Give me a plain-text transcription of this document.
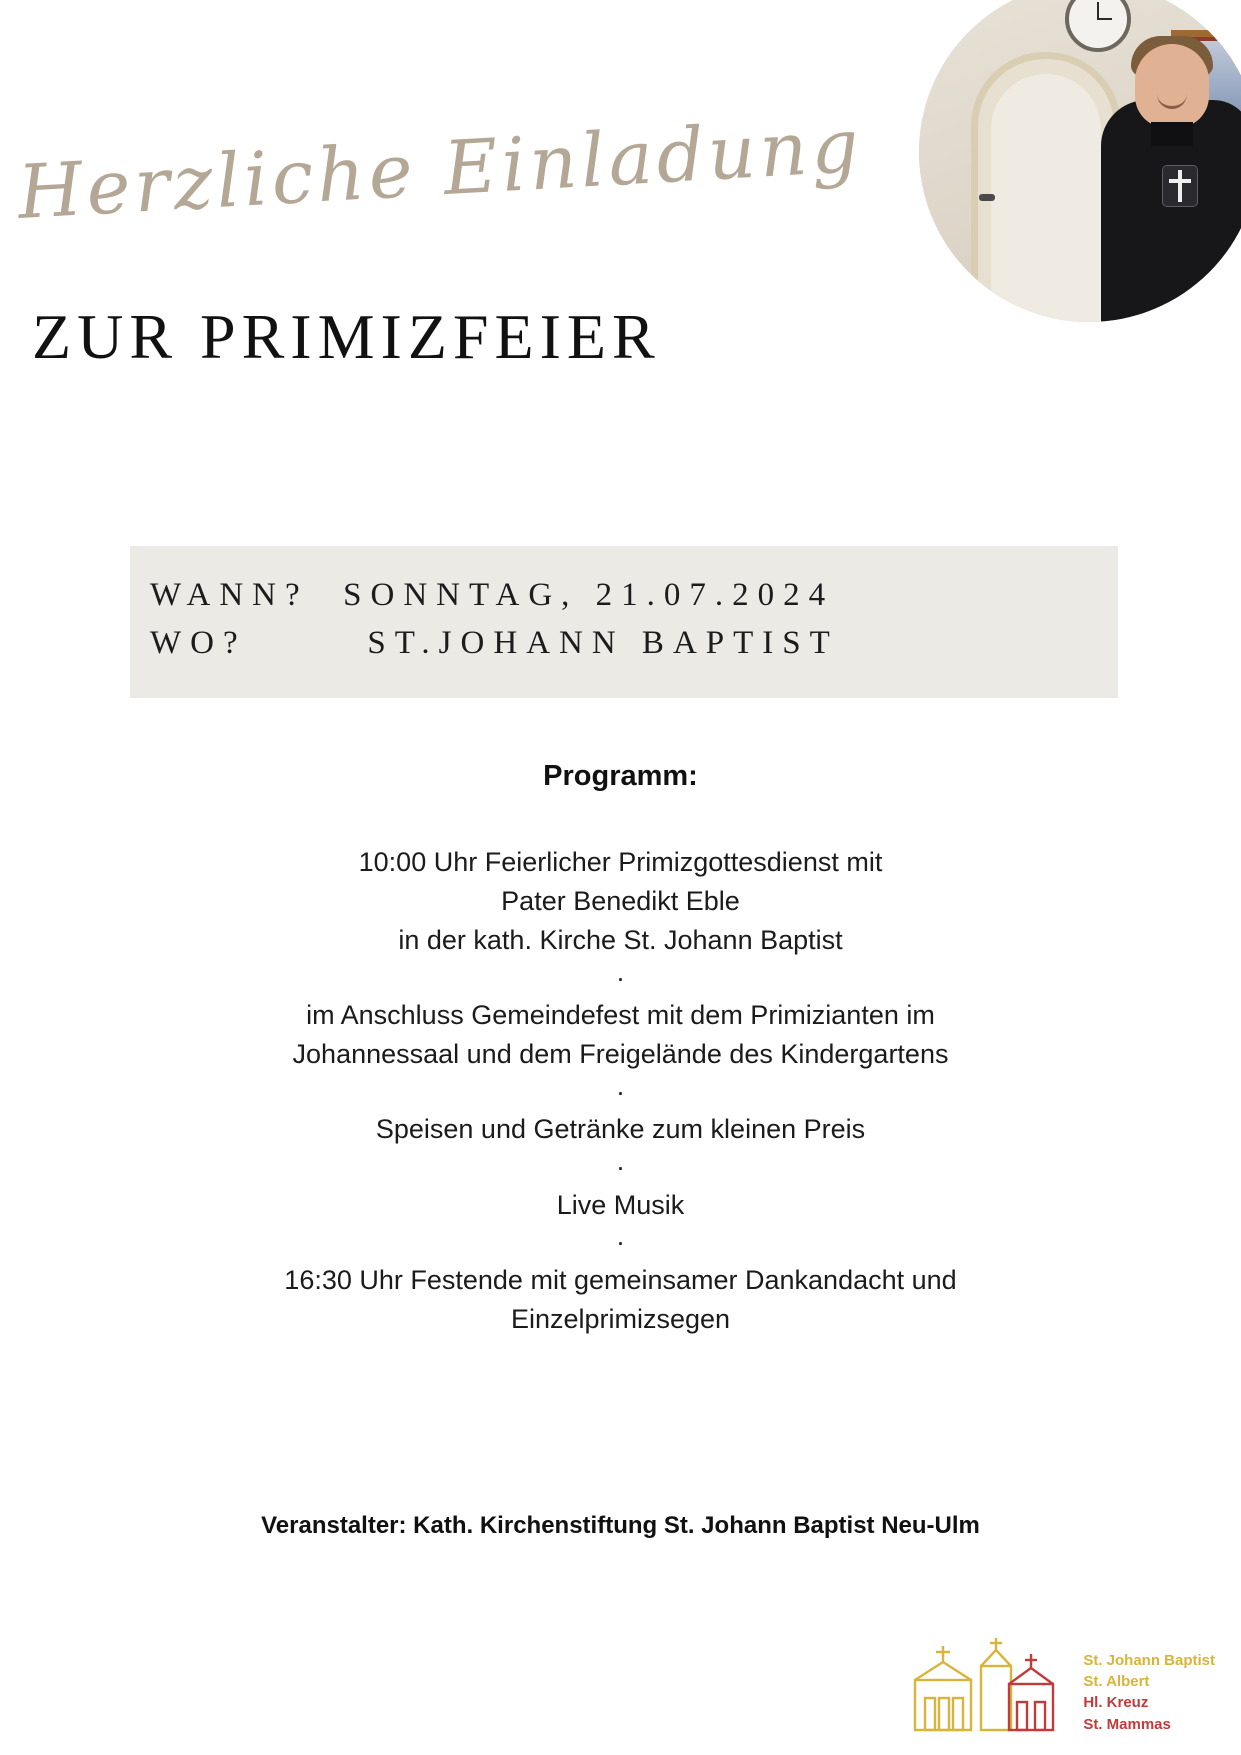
Herzliche Einladung
ZUR PRIMIZFEIER
WANN?  SONNTAG, 21.07.2024
WO?       ST.JOHANN BAPTIST
Programm:
10:00 Uhr Feierlicher Primizgottesdienst mit
Pater Benedikt Eble
in der kath. Kirche St. Johann Baptist
·
im Anschluss Gemeindefest mit dem Primizianten im
Johannessaal und dem Freigelände des Kindergartens
·
Speisen und Getränke zum kleinen Preis
·
Live Musik
·
16:30 Uhr Festende mit gemeinsamer Dankandacht und
Einzelprimizsegen
Veranstalter: Kath. Kirchenstiftung St. Johann Baptist Neu-Ulm
St. Johann Baptist
St. Albert
Hl. Kreuz
St. Mammas
